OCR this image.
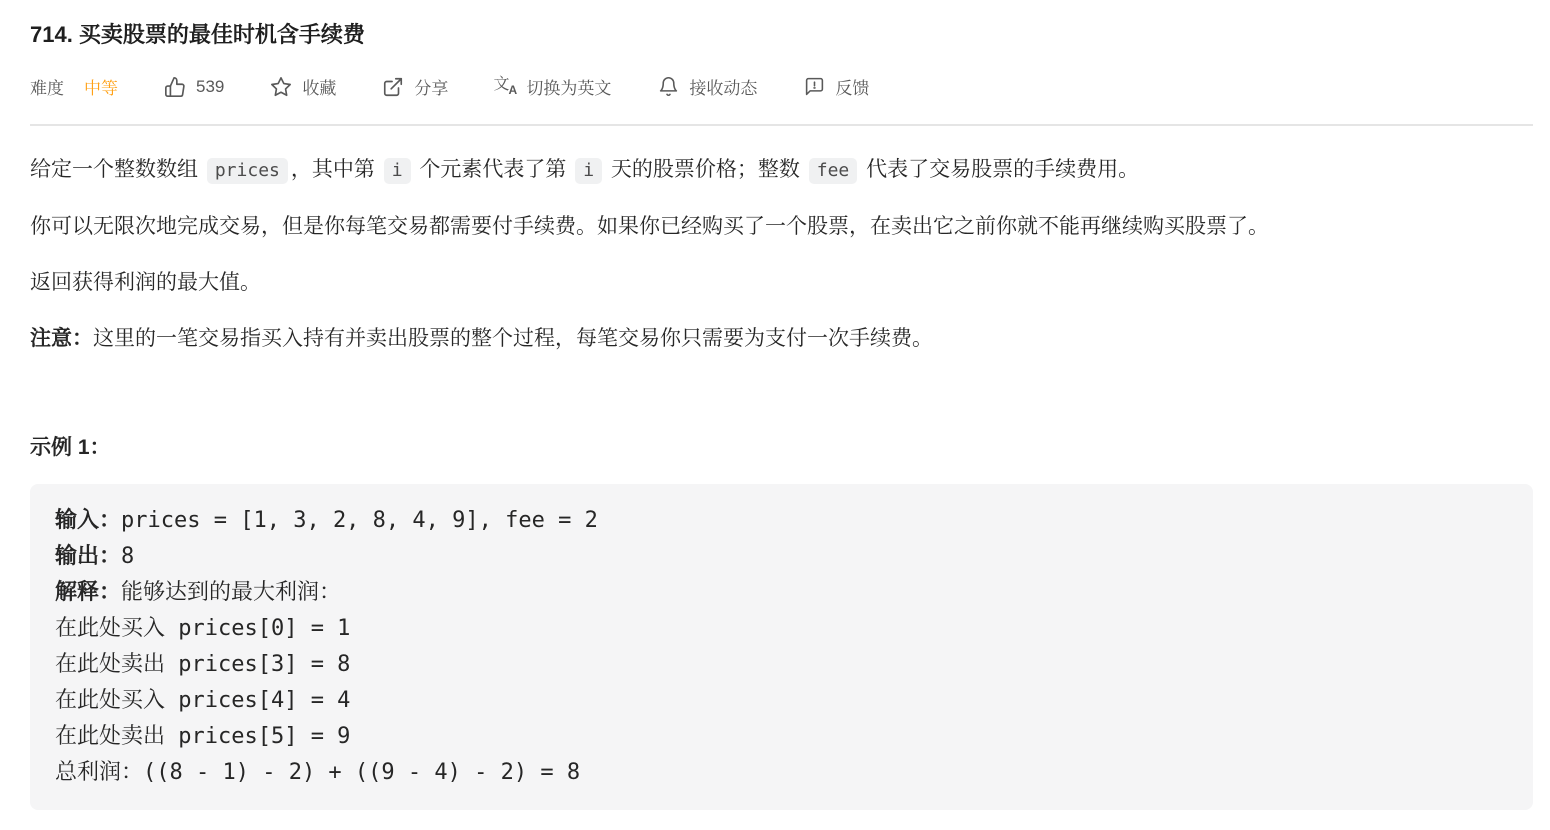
714. 买卖股票的最佳时机含手续费
难度 中等	539	收藏	分享	文 A 切换为英文	接收动态	反馈

给定一个整数数组 prices ，其中第 i 个元素代表了第 i 天的股票价格；整数 fee 代表了交易股票的手续费用。

你可以无限次地完成交易，但是你每笔交易都需要付手续费。如果你已经购买了一个股票，在卖出它之前你就不能再继续购买股票了。

返回获得利润的最大值。

注意：这里的一笔交易指买入持有并卖出股票的整个过程，每笔交易你只需要为支付一次手续费。

示例 1：
输入：prices = [1, 3, 2, 8, 4, 9], fee = 2
输出：8
解释：能够达到的最大利润：
在此处买入 prices[0] = 1
在此处卖出 prices[3] = 8
在此处买入 prices[4] = 4
在此处卖出 prices[5] = 9
总利润：((8 - 1) - 2) + ((9 - 4) - 2) = 8
